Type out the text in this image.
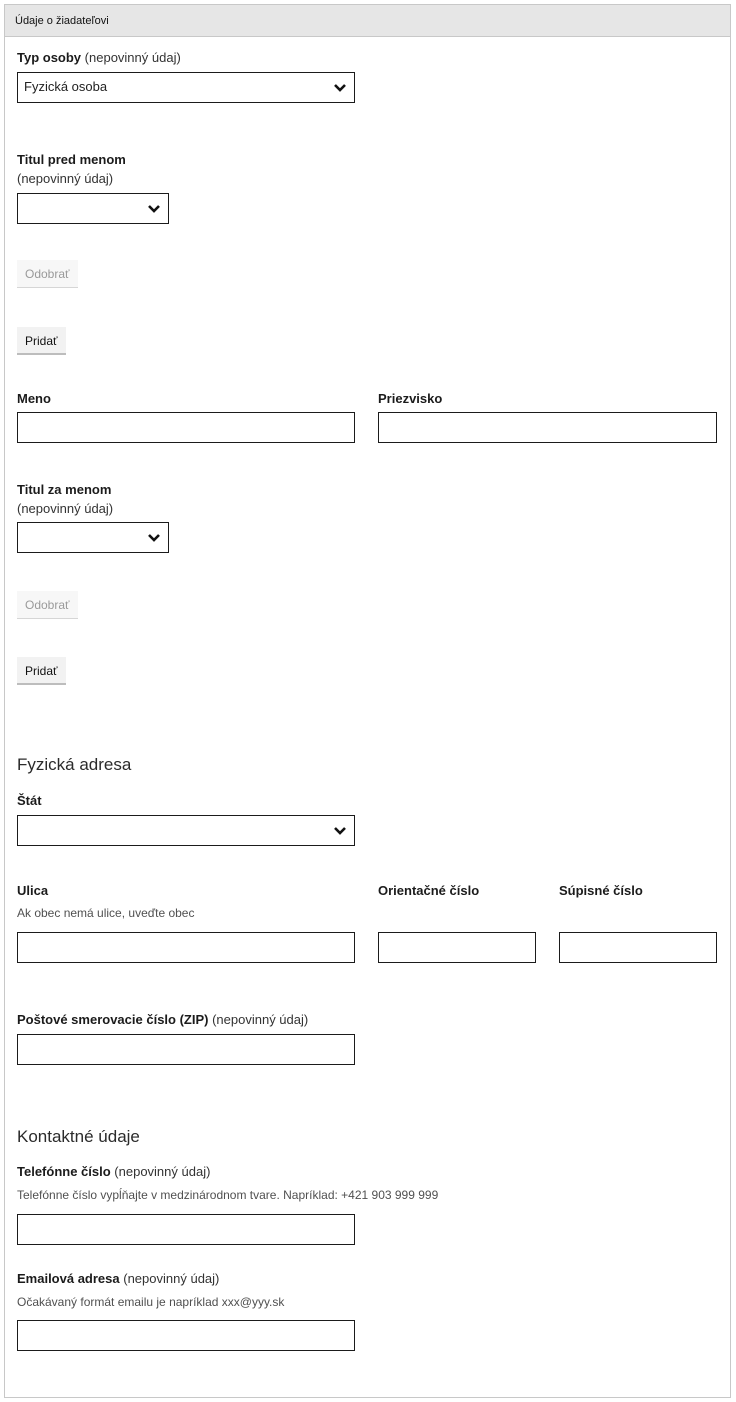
Údaje o žiadateľovi
Typ osoby (nepovinný údaj)
Fyzická osoba
Titul pred menom
(nepovinný údaj)
Odobrať
Pridať
Meno	Priezvisko
Titul za menom
(nepovinný údaj)
Odobrať
Pridať
Fyzická adresa
Štát
Ulica
Ak obec nemá ulice, uveďte obec
Orientačné číslo	Súpisné číslo
Poštové smerovacie číslo (ZIP) (nepovinný údaj)
Kontaktné údaje
Telefónne číslo (nepovinný údaj)
Telefónne číslo vypĺňajte v medzinárodnom tvare. Napríklad: +421 903 999 999
Emailová adresa (nepovinný údaj)
Očakávaný formát emailu je napríklad xxx@yyy.sk
